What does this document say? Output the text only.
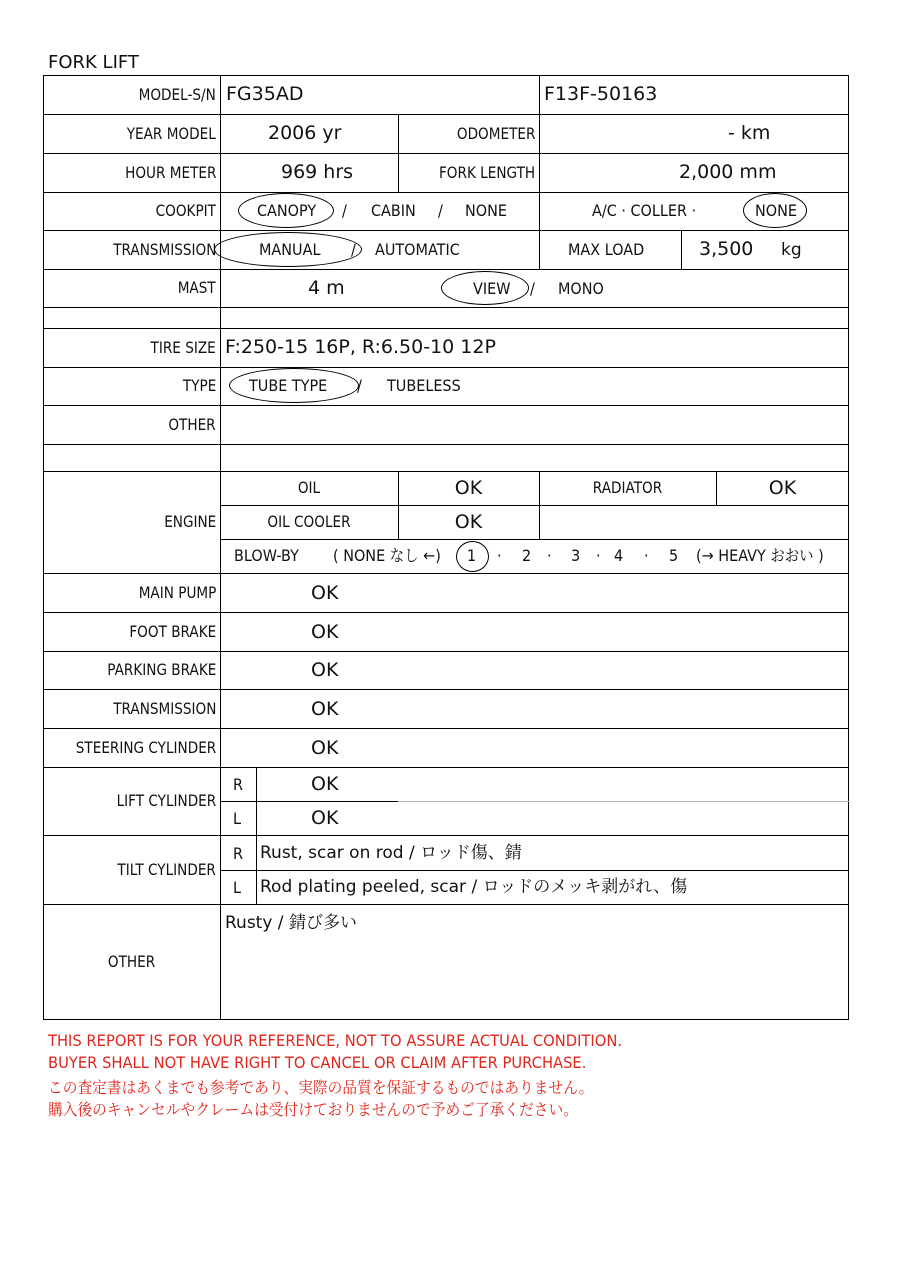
FORK LIFT
MODEL-S/N FG35AD	F13F-50163
YEAR MODEL	2006 yr	ODOMETER	- km
HOUR METER	969 hrs	FORK LENGTH	2,000 mm
COOKPIT	CANOPY / CABIN / NONE	A/C · COLLER ·	NONE
TRANSMISSION	MANUAL / AUTOMATIC	MAX LOAD	3,500 kg
MAST	4 m	VIEW / MONO
TIRE SIZE F:250-15 16P, R:6.50-10 12P
TYPE TUBE TYPE / TUBELESS
OTHER
ENGINE
OIL	OK	RADIATOR	OK
OIL COOLER	OK
BLOW-BY ( NONE なし ←) 1 · 2 · 3 · 4 · 5 (→ HEAVY おおい )
MAIN PUMP	OK
FOOT BRAKE	OK
PARKING BRAKE	OK
TRANSMISSION	OK
STEERING CYLINDER	OK
LIFT CYLINDER
R	OK
L	OK
TILT CYLINDER
R Rust, scar on rod / ロッド傷、錆
L Rod plating peeled, scar / ロッドのメッキ剥がれ、傷
OTHER
Rusty / 錆び多い
THIS REPORT IS FOR YOUR REFERENCE, NOT TO ASSURE ACTUAL CONDITION.
BUYER SHALL NOT HAVE RIGHT TO CANCEL OR CLAIM AFTER PURCHASE.
この査定書はあくまでも参考であり、実際の品質を保証するものではありません。
購入後のキャンセルやクレームは受付けておりませんので予めご了承ください。
